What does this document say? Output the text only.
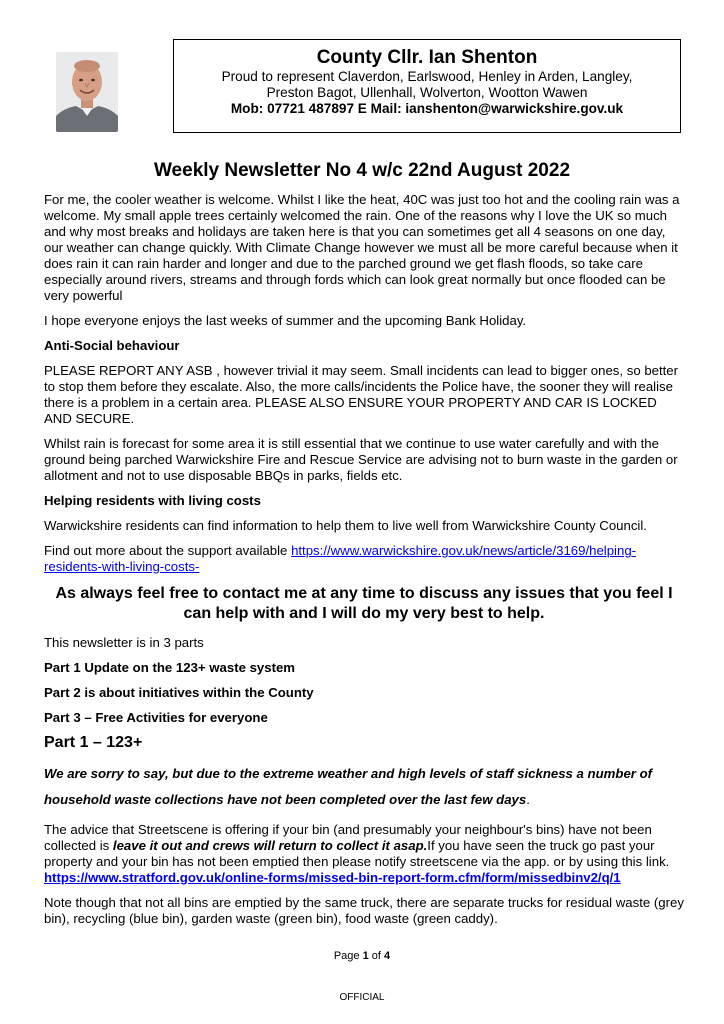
County Cllr. Ian Shenton
Proud to represent Claverdon, Earlswood, Henley in Arden, Langley,
Preston Bagot, Ullenhall, Wolverton, Wootton Wawen
Mob: 07721 487897 E Mail: ianshenton@warwickshire.gov.uk
Weekly Newsletter No 4 w/c 22nd August 2022

For me, the cooler weather is welcome. Whilst I like the heat, 40C was just too hot and the cooling rain was a welcome. My small apple trees certainly welcomed the rain. One of the reasons why I love the UK so much and why most breaks and holidays are taken here is that you can sometimes get all 4 seasons on one day, our weather can change quickly. With Climate Change however we must all be more careful because when it does rain it can rain harder and longer and due to the parched ground we get flash floods, so take care especially around rivers, streams and through fords which can look great normally but once flooded can be very powerful

I hope everyone enjoys the last weeks of summer and the upcoming Bank Holiday.

Anti-Social behaviour

PLEASE REPORT ANY ASB , however trivial it may seem. Small incidents can lead to bigger ones, so better to stop them before they escalate. Also, the more calls/incidents the Police have, the sooner they will realise there is a problem in a certain area. PLEASE ALSO ENSURE YOUR PROPERTY AND CAR IS LOCKED AND SECURE.

Whilst rain is forecast for some area it is still essential that we continue to use water carefully and with the ground being parched Warwickshire Fire and Rescue Service are advising not to burn waste in the garden or allotment and not to use disposable BBQs in parks, fields etc.

Helping residents with living costs

Warwickshire residents can find information to help them to live well from Warwickshire County Council.

Find out more about the support available https://www.warwickshire.gov.uk/news/article/3169/helping-residents-with-living-costs-

As always feel free to contact me at any time to discuss any issues that you feel I can help with and I will do my very best to help.

This newsletter is in 3 parts

Part 1 Update on the 123+ waste system

Part 2 is about initiatives within the County

Part 3 – Free Activities for everyone

Part 1 – 123+

We are sorry to say, but due to the extreme weather and high levels of staff sickness a number of household waste collections have not been completed over the last few days.

The advice that Streetscene is offering if your bin (and presumably your neighbour's bins) have not been collected is leave it out and crews will return to collect it asap.If you have seen the truck go past your property and your bin has not been emptied then please notify streetscene via the app. or by using this link.
https://www.stratford.gov.uk/online-forms/missed-bin-report-form.cfm/form/missedbinv2/q/1

Note though that not all bins are emptied by the same truck, there are separate trucks for residual waste (grey bin), recycling (blue bin), garden waste (green bin), food waste (green caddy).

Page 1 of 4
OFFICIAL
